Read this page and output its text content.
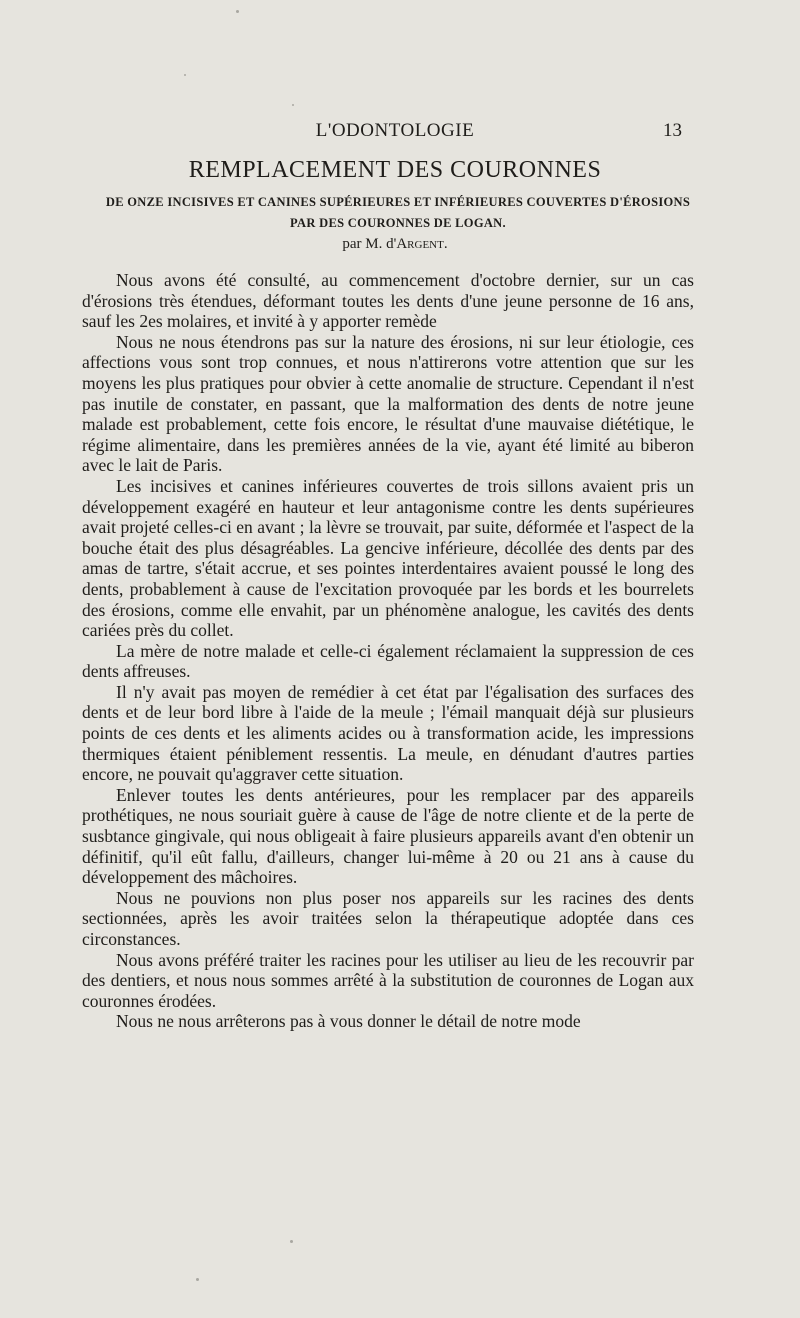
L'ODONTOLOGIE	13
REMPLACEMENT DES COURONNES
DE ONZE INCISIVES ET CANINES SUPÉRIEURES ET INFÉRIEURES COUVERTES D'ÉROSIONS PAR DES COURONNES DE LOGAN.
par M. d'Argent.

Nous avons été consulté, au commencement d'octobre dernier, sur un cas d'érosions très étendues, déformant toutes les dents d'une jeune personne de 16 ans, sauf les 2es molaires, et invité à y apporter remède

Nous ne nous étendrons pas sur la nature des érosions, ni sur leur étiologie, ces affections vous sont trop connues, et nous n'attirerons votre attention que sur les moyens les plus pratiques pour obvier à cette anomalie de structure. Cependant il n'est pas inutile de constater, en passant, que la malformation des dents de notre jeune malade est probablement, cette fois encore, le résultat d'une mauvaise diététique, le régime alimentaire, dans les premières années de la vie, ayant été limité au biberon avec le lait de Paris.

Les incisives et canines inférieures couvertes de trois sillons avaient pris un développement exagéré en hauteur et leur antagonisme contre les dents supérieures avait projeté celles-ci en avant ; la lèvre se trouvait, par suite, déformée et l'aspect de la bouche était des plus désagréables. La gencive inférieure, décollée des dents par des amas de tartre, s'était accrue, et ses pointes interdentaires avaient poussé le long des dents, probablement à cause de l'excitation provoquée par les bords et les bourrelets des érosions, comme elle envahit, par un phénomène analogue, les cavités des dents cariées près du collet.

La mère de notre malade et celle-ci également réclamaient la suppression de ces dents affreuses.

Il n'y avait pas moyen de remédier à cet état par l'égalisation des surfaces des dents et de leur bord libre à l'aide de la meule ; l'émail manquait déjà sur plusieurs points de ces dents et les aliments acides ou à transformation acide, les impressions thermiques étaient péniblement ressentis. La meule, en dénudant d'autres parties encore, ne pouvait qu'aggraver cette situation.

Enlever toutes les dents antérieures, pour les remplacer par des appareils prothétiques, ne nous souriait guère à cause de l'âge de notre cliente et de la perte de susbtance gingivale, qui nous obligeait à faire plusieurs appareils avant d'en obtenir un définitif, qu'il eût fallu, d'ailleurs, changer lui-même à 20 ou 21 ans à cause du développement des mâchoires.

Nous ne pouvions non plus poser nos appareils sur les racines des dents sectionnées, après les avoir traitées selon la thérapeutique adoptée dans ces circonstances.

Nous avons préféré traiter les racines pour les utiliser au lieu de les recouvrir par des dentiers, et nous nous sommes arrêté à la substitution de couronnes de Logan aux couronnes érodées.

Nous ne nous arrêterons pas à vous donner le détail de notre mode
